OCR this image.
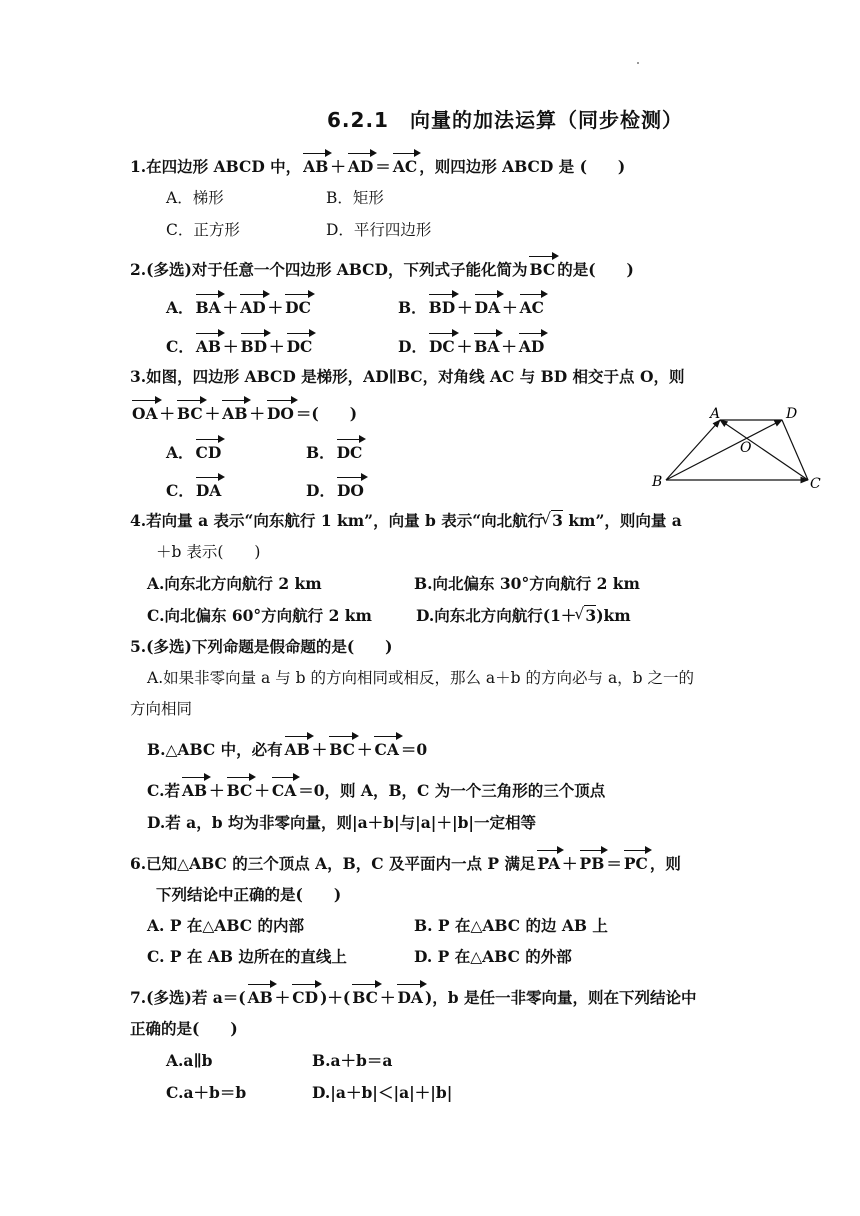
6.2.1　向量的加法运算（同步检测）
1.在四边形 ABCD 中， AB ＋ AD ＝ AC ，则四边形 ABCD 是 (　　)
A．梯形	B．矩形
C．正方形	D．平行四边形
2.(多选)对于任意一个四边形 ABCD，下列式子能化简为 BC 的是(　　)
A． BA ＋ AD ＋ DC	B． BD ＋ DA ＋ AC
C． AB ＋ BD ＋ DC	D． DC ＋ BA ＋ AD
3.如图，四边形 ABCD 是梯形，AD∥BC，对角线 AC 与 BD 相交于点 O，则
OA ＋ BC ＋ AB ＋ DO ＝(　　)
A． CD	B． DC
C． DA	D． DO
A	D
B	C
O
4.若向量 a 表示“向东航行 1 km”，向量 b 表示“向北航行 √ 3 km”，则向量 a
＋b 表示(　　)
A.向东北方向航行 2 km	B.向北偏东 30°方向航行 2 km
C.向北偏东 60°方向航行 2 km	D.向东北方向航行(1＋ √ 3)km
5.(多选)下列命题是假命题的是(　　)
A.如果非零向量 a 与 b 的方向相同或相反，那么 a＋b 的方向必与 a，b 之一的
方向相同
B.△ABC 中，必有 AB ＋ BC ＋ CA ＝0
C.若 AB ＋ BC ＋ CA ＝0，则 A，B，C 为一个三角形的三个顶点
D.若 a，b 均为非零向量，则|a＋b|与|a|＋|b|一定相等
6.已知△ABC 的三个顶点 A，B，C 及平面内一点 P 满足 PA ＋ PB ＝ PC ，则
下列结论中正确的是(　　)
A. P 在△ABC 的内部	B. P 在△ABC 的边 AB 上
C. P 在 AB 边所在的直线上	D. P 在△ABC 的外部
7.(多选)若 a＝( AB ＋ CD )＋( BC ＋ DA )，b 是任一非零向量，则在下列结论中
正确的是(　　)
A.a∥b	B.a＋b＝a
C.a＋b＝b	D.|a＋b|＜|a|＋|b|
